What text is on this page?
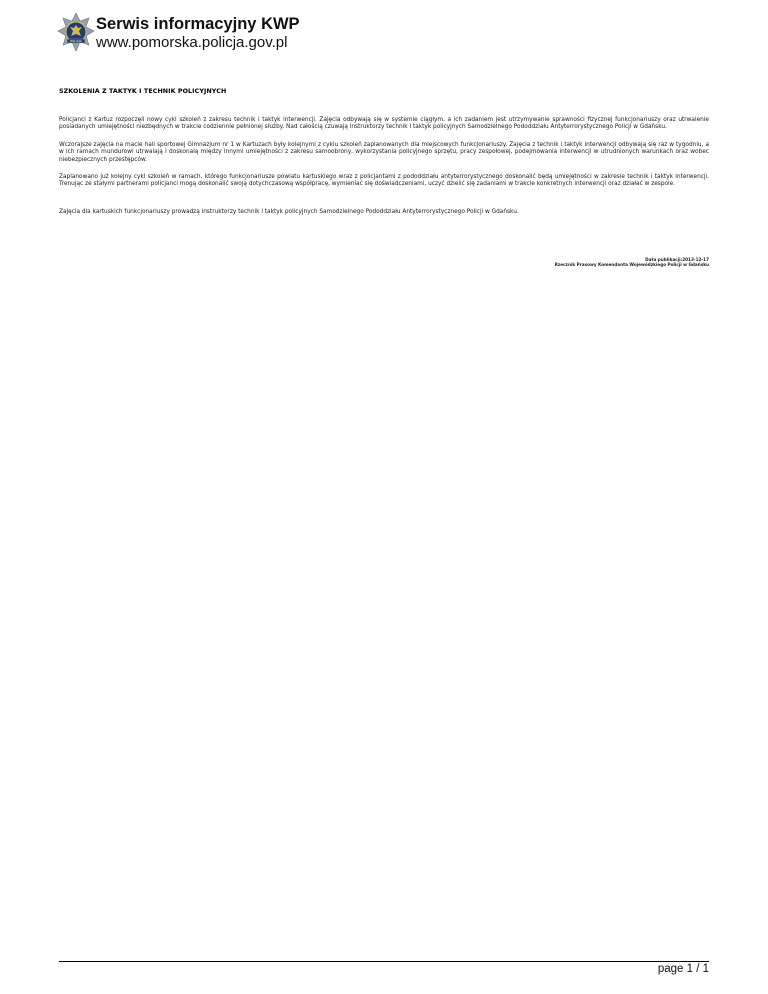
POLICJA
Serwis informacyjny KWP
www.pomorska.policja.gov.pl
SZKOLENIA Z TAKTYK I TECHNIK POLICYJNYCH

Policjanci z Kartuz rozpoczęli nowy cykl szkoleń z zakresu technik i taktyk interwencji. Zajęcia odbywają się w systemie ciągłym, a ich zadaniem jest utrzymywanie sprawności fizycznej funkcjonariuszy oraz utrwalenie posiadanych umiejętności niezbędnych w trakcie codziennie pełnionej służby. Nad całością czuwają instruktorzy technik i taktyk policyjnych Samodzielnego Pododdziału Antyterrorystycznego Policji w Gdańsku.

Wczorajsze zajęcia na macie hali sportowej Gimnazjum nr 1 w Kartuzach były kolejnymi z cyklu szkoleń zaplanowanych dla miejscowych funkcjonariuszy. Zajęcia z technik i taktyk interwencji odbywają się raz w tygodniu, a w ich ramach mundurowi utrwalają i doskonalą między innymi umiejętności z zakresu samoobrony, wykorzystania policyjnego sprzętu, pracy zespołowej, podejmowania interwencji w utrudnionych warunkach oraz wobec niebezpiecznych przestępców.

Zaplanowano już kolejny cykl szkoleń w ramach, którego funkcjonariusze powiatu kartuskiego wraz z policjantami z pododdziału antyterrorystycznego doskonalić będą umiejętności w zakresie technik i taktyk interwencji. Trenując ze stałymi partnerami policjanci mogą doskonalić swoją dotychczasową współpracę, wymieniać się doświadczeniami, uczyć dzielić się zadaniami w trakcie konkretnych interwencji oraz działać w zespole.

Zajęcia dla kartuskich funkcjonariuszy prowadzą instruktorzy technik i taktyk policyjnych Samodzielnego Pododdziału Antyterrorystycznego Policji w Gdańsku.

Data publikacji:2013-12-17
Rzecznik Prasowy Komendanta Wojewódzkiego Policji w Gdańsku
page 1 / 1
